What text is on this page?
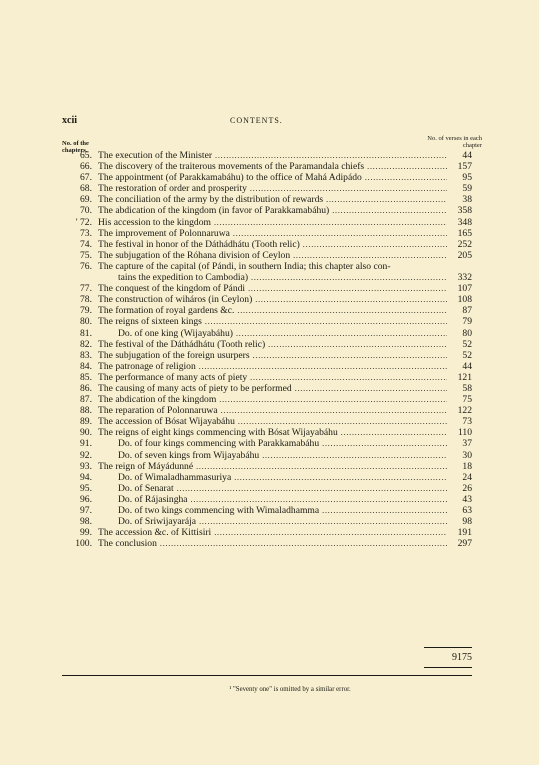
xcii	CONTENTS.
No. of the chapters.
No. of verses in each chapter
65. The execution of the Minister .....	44
66. The discovery of the traiterous movements of the Paramandala chiefs .....	157
67. The appointment (of Parakkamabáhu) to the office of Mahá Adipádo .....	95
68. The restoration of order and prosperity .....	59
69. The conciliation of the army by the distribution of rewards .....	38
70. The abdication of the kingdom (in favor of Parakkamabáhu) .....	358
' 72. His accession to the kingdom .....	348
73. The improvement of Polonnaruwa .....	165
74. The festival in honor of the Dáthádhátu (Tooth relic) .....	252
75. The subjugation of the Róhana division of Ceylon .....	205
76. The capture of the capital (of Pándi, in southern India; this chapter also con-
tains the expedition to Cambodia) .....	332
77. The conquest of the kingdom of Pándi .....	107
78. The construction of wiháros (in Ceylon) .....	108
79. The formation of royal gardens &c. .....	87
80. The reigns of sixteen kings .....	79
81.	Do. of one king (Wijayabáhu) .....	80
82. The festival of the Dáthádhátu (Tooth relic) .....	52
83. The subjugation of the foreign usurpers .....	52
84. The patronage of religion .....	44
85. The performance of many acts of piety .....	121
86. The causing of many acts of piety to be performed .....	58
87. The abdication of the kingdom .....	75
88. The reparation of Polonnaruwa .....	122
89. The accession of Bósat Wijayabáhu .....	73
90. The reigns of eight kings commencing with Bósat Wijayabáhu .....	110
91.	Do. of four kings commencing with Parakkamabáhu .....	37
92.	Do. of seven kings from Wijayabáhu .....	30
93. The reign of Máyádunné .....	18
94.	Do. of Wimaladhammasuriya .....	24
95.	Do. of Senarat .....	26
96.	Do. of Rájasingha .....	43
97.	Do. of two kings commencing with Wimaladhamma .....	63
98.	Do. of Sriwijayarája .....	98
99. The accession &c. of Kittisiri .....	191
100. The conclusion .....	297
9175
¹ "Seventy one" is omitted by a similar error.
